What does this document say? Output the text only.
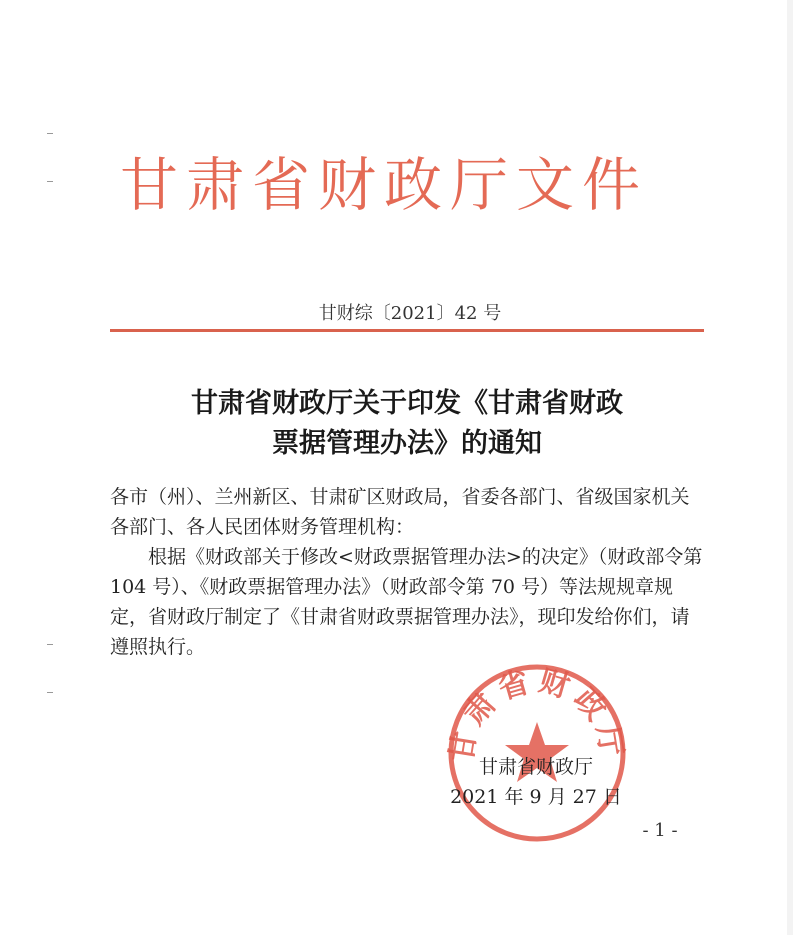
甘肃省财政厅文件
甘财综〔2021〕42 号
甘肃省财政厅关于印发《甘肃省财政
票据管理办法》的通知

各市（州）、兰州新区、甘肃矿区财政局，省委各部门、省级国家机关各部门、各人民团体财务管理机构：

根据《财政部关于修改<财政票据管理办法>的决定》（财政部令第 104 号）、《财政票据管理办法》（财政部令第 70 号）等法规规章规定，省财政厅制定了《甘肃省财政票据管理办法》，现印发给你们，请遵照执行。

甘肃省财政厅
甘肃省财政厅
2021 年 9 月 27 日
- 1 -
